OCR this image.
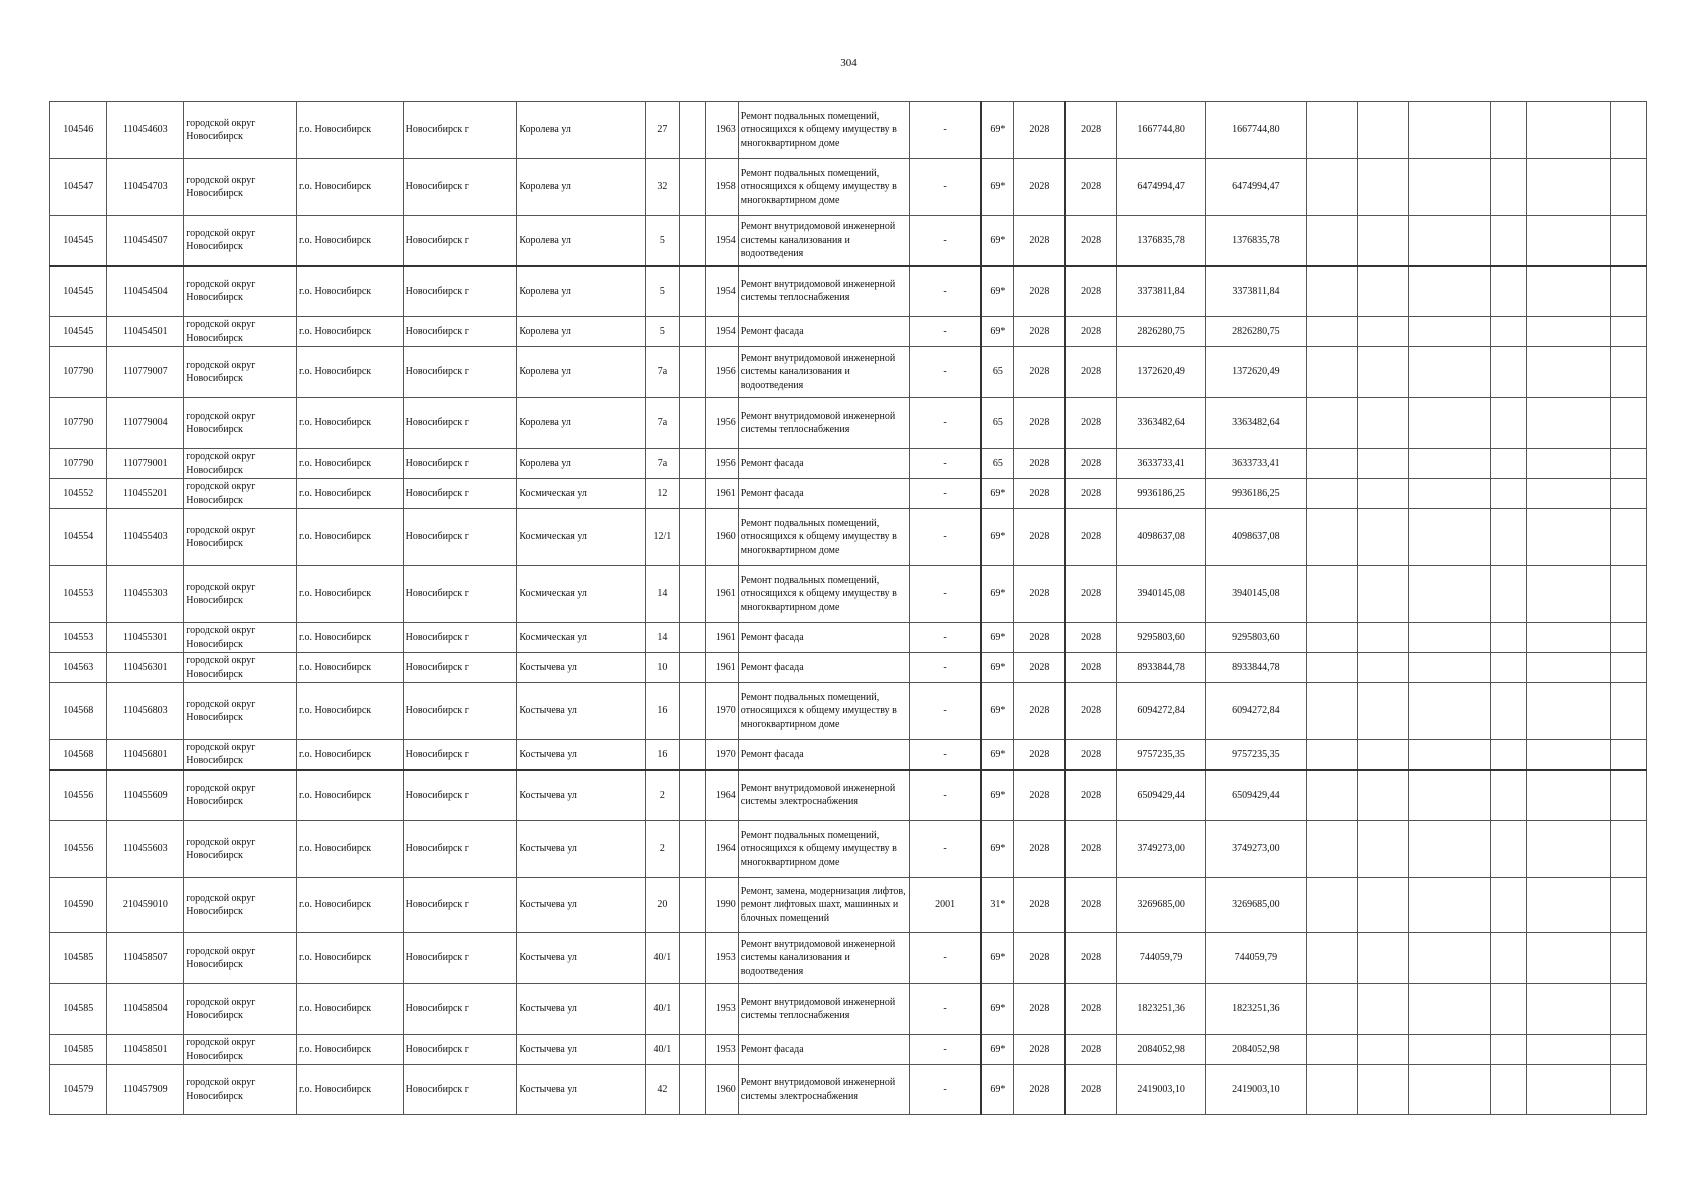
304
104546	110454603	городской округ Новосибирск	г.о. Новосибирск	Новосибирск г	Королева ул	27		1963	Ремонт подвальных помещений, относящихся к общему имуществу в многоквартирном доме	-	69*	2028	2028	1667744,80	1667744,80						
104547	110454703	городской округ Новосибирск	г.о. Новосибирск	Новосибирск г	Королева ул	32		1958	Ремонт подвальных помещений, относящихся к общему имуществу в многоквартирном доме	-	69*	2028	2028	6474994,47	6474994,47						
104545	110454507	городской округ Новосибирск	г.о. Новосибирск	Новосибирск г	Королева ул	5		1954	Ремонт внутридомовой инженерной системы канализования и водоотведения	-	69*	2028	2028	1376835,78	1376835,78						
104545	110454504	городской округ Новосибирск	г.о. Новосибирск	Новосибирск г	Королева ул	5		1954	Ремонт внутридомовой инженерной системы теплоснабжения	-	69*	2028	2028	3373811,84	3373811,84						
104545	110454501	городской округ Новосибирск	г.о. Новосибирск	Новосибирск г	Королева ул	5		1954	Ремонт фасада	-	69*	2028	2028	2826280,75	2826280,75						
107790	110779007	городской округ Новосибирск	г.о. Новосибирск	Новосибирск г	Королева ул	7а		1956	Ремонт внутридомовой инженерной системы канализования и водоотведения	-	65	2028	2028	1372620,49	1372620,49						
107790	110779004	городской округ Новосибирск	г.о. Новосибирск	Новосибирск г	Королева ул	7а		1956	Ремонт внутридомовой инженерной системы теплоснабжения	-	65	2028	2028	3363482,64	3363482,64						
107790	110779001	городской округ Новосибирск	г.о. Новосибирск	Новосибирск г	Королева ул	7а		1956	Ремонт фасада	-	65	2028	2028	3633733,41	3633733,41						
104552	110455201	городской округ Новосибирск	г.о. Новосибирск	Новосибирск г	Космическая ул	12		1961	Ремонт фасада	-	69*	2028	2028	9936186,25	9936186,25						
104554	110455403	городской округ Новосибирск	г.о. Новосибирск	Новосибирск г	Космическая ул	12/1		1960	Ремонт подвальных помещений, относящихся к общему имуществу в многоквартирном доме	-	69*	2028	2028	4098637,08	4098637,08						
104553	110455303	городской округ Новосибирск	г.о. Новосибирск	Новосибирск г	Космическая ул	14		1961	Ремонт подвальных помещений, относящихся к общему имуществу в многоквартирном доме	-	69*	2028	2028	3940145,08	3940145,08						
104553	110455301	городской округ Новосибирск	г.о. Новосибирск	Новосибирск г	Космическая ул	14		1961	Ремонт фасада	-	69*	2028	2028	9295803,60	9295803,60						
104563	110456301	городской округ Новосибирск	г.о. Новосибирск	Новосибирск г	Костычева ул	10		1961	Ремонт фасада	-	69*	2028	2028	8933844,78	8933844,78						
104568	110456803	городской округ Новосибирск	г.о. Новосибирск	Новосибирск г	Костычева ул	16		1970	Ремонт подвальных помещений, относящихся к общему имуществу в многоквартирном доме	-	69*	2028	2028	6094272,84	6094272,84						
104568	110456801	городской округ Новосибирск	г.о. Новосибирск	Новосибирск г	Костычева ул	16		1970	Ремонт фасада	-	69*	2028	2028	9757235,35	9757235,35						
104556	110455609	городской округ Новосибирск	г.о. Новосибирск	Новосибирск г	Костычева ул	2		1964	Ремонт внутридомовой инженерной системы электроснабжения	-	69*	2028	2028	6509429,44	6509429,44						
104556	110455603	городской округ Новосибирск	г.о. Новосибирск	Новосибирск г	Костычева ул	2		1964	Ремонт подвальных помещений, относящихся к общему имуществу в многоквартирном доме	-	69*	2028	2028	3749273,00	3749273,00						
104590	210459010	городской округ Новосибирск	г.о. Новосибирск	Новосибирск г	Костычева ул	20		1990	Ремонт, замена, модернизация лифтов, ремонт лифтовых шахт, машинных и блочных помещений	2001	31*	2028	2028	3269685,00	3269685,00						
104585	110458507	городской округ Новосибирск	г.о. Новосибирск	Новосибирск г	Костычева ул	40/1		1953	Ремонт внутридомовой инженерной системы канализования и водоотведения	-	69*	2028	2028	744059,79	744059,79						
104585	110458504	городской округ Новосибирск	г.о. Новосибирск	Новосибирск г	Костычева ул	40/1		1953	Ремонт внутридомовой инженерной системы теплоснабжения	-	69*	2028	2028	1823251,36	1823251,36						
104585	110458501	городской округ Новосибирск	г.о. Новосибирск	Новосибирск г	Костычева ул	40/1		1953	Ремонт фасада	-	69*	2028	2028	2084052,98	2084052,98						
104579	110457909	городской округ Новосибирск	г.о. Новосибирск	Новосибирск г	Костычева ул	42		1960	Ремонт внутридомовой инженерной системы электроснабжения	-	69*	2028	2028	2419003,10	2419003,10						
